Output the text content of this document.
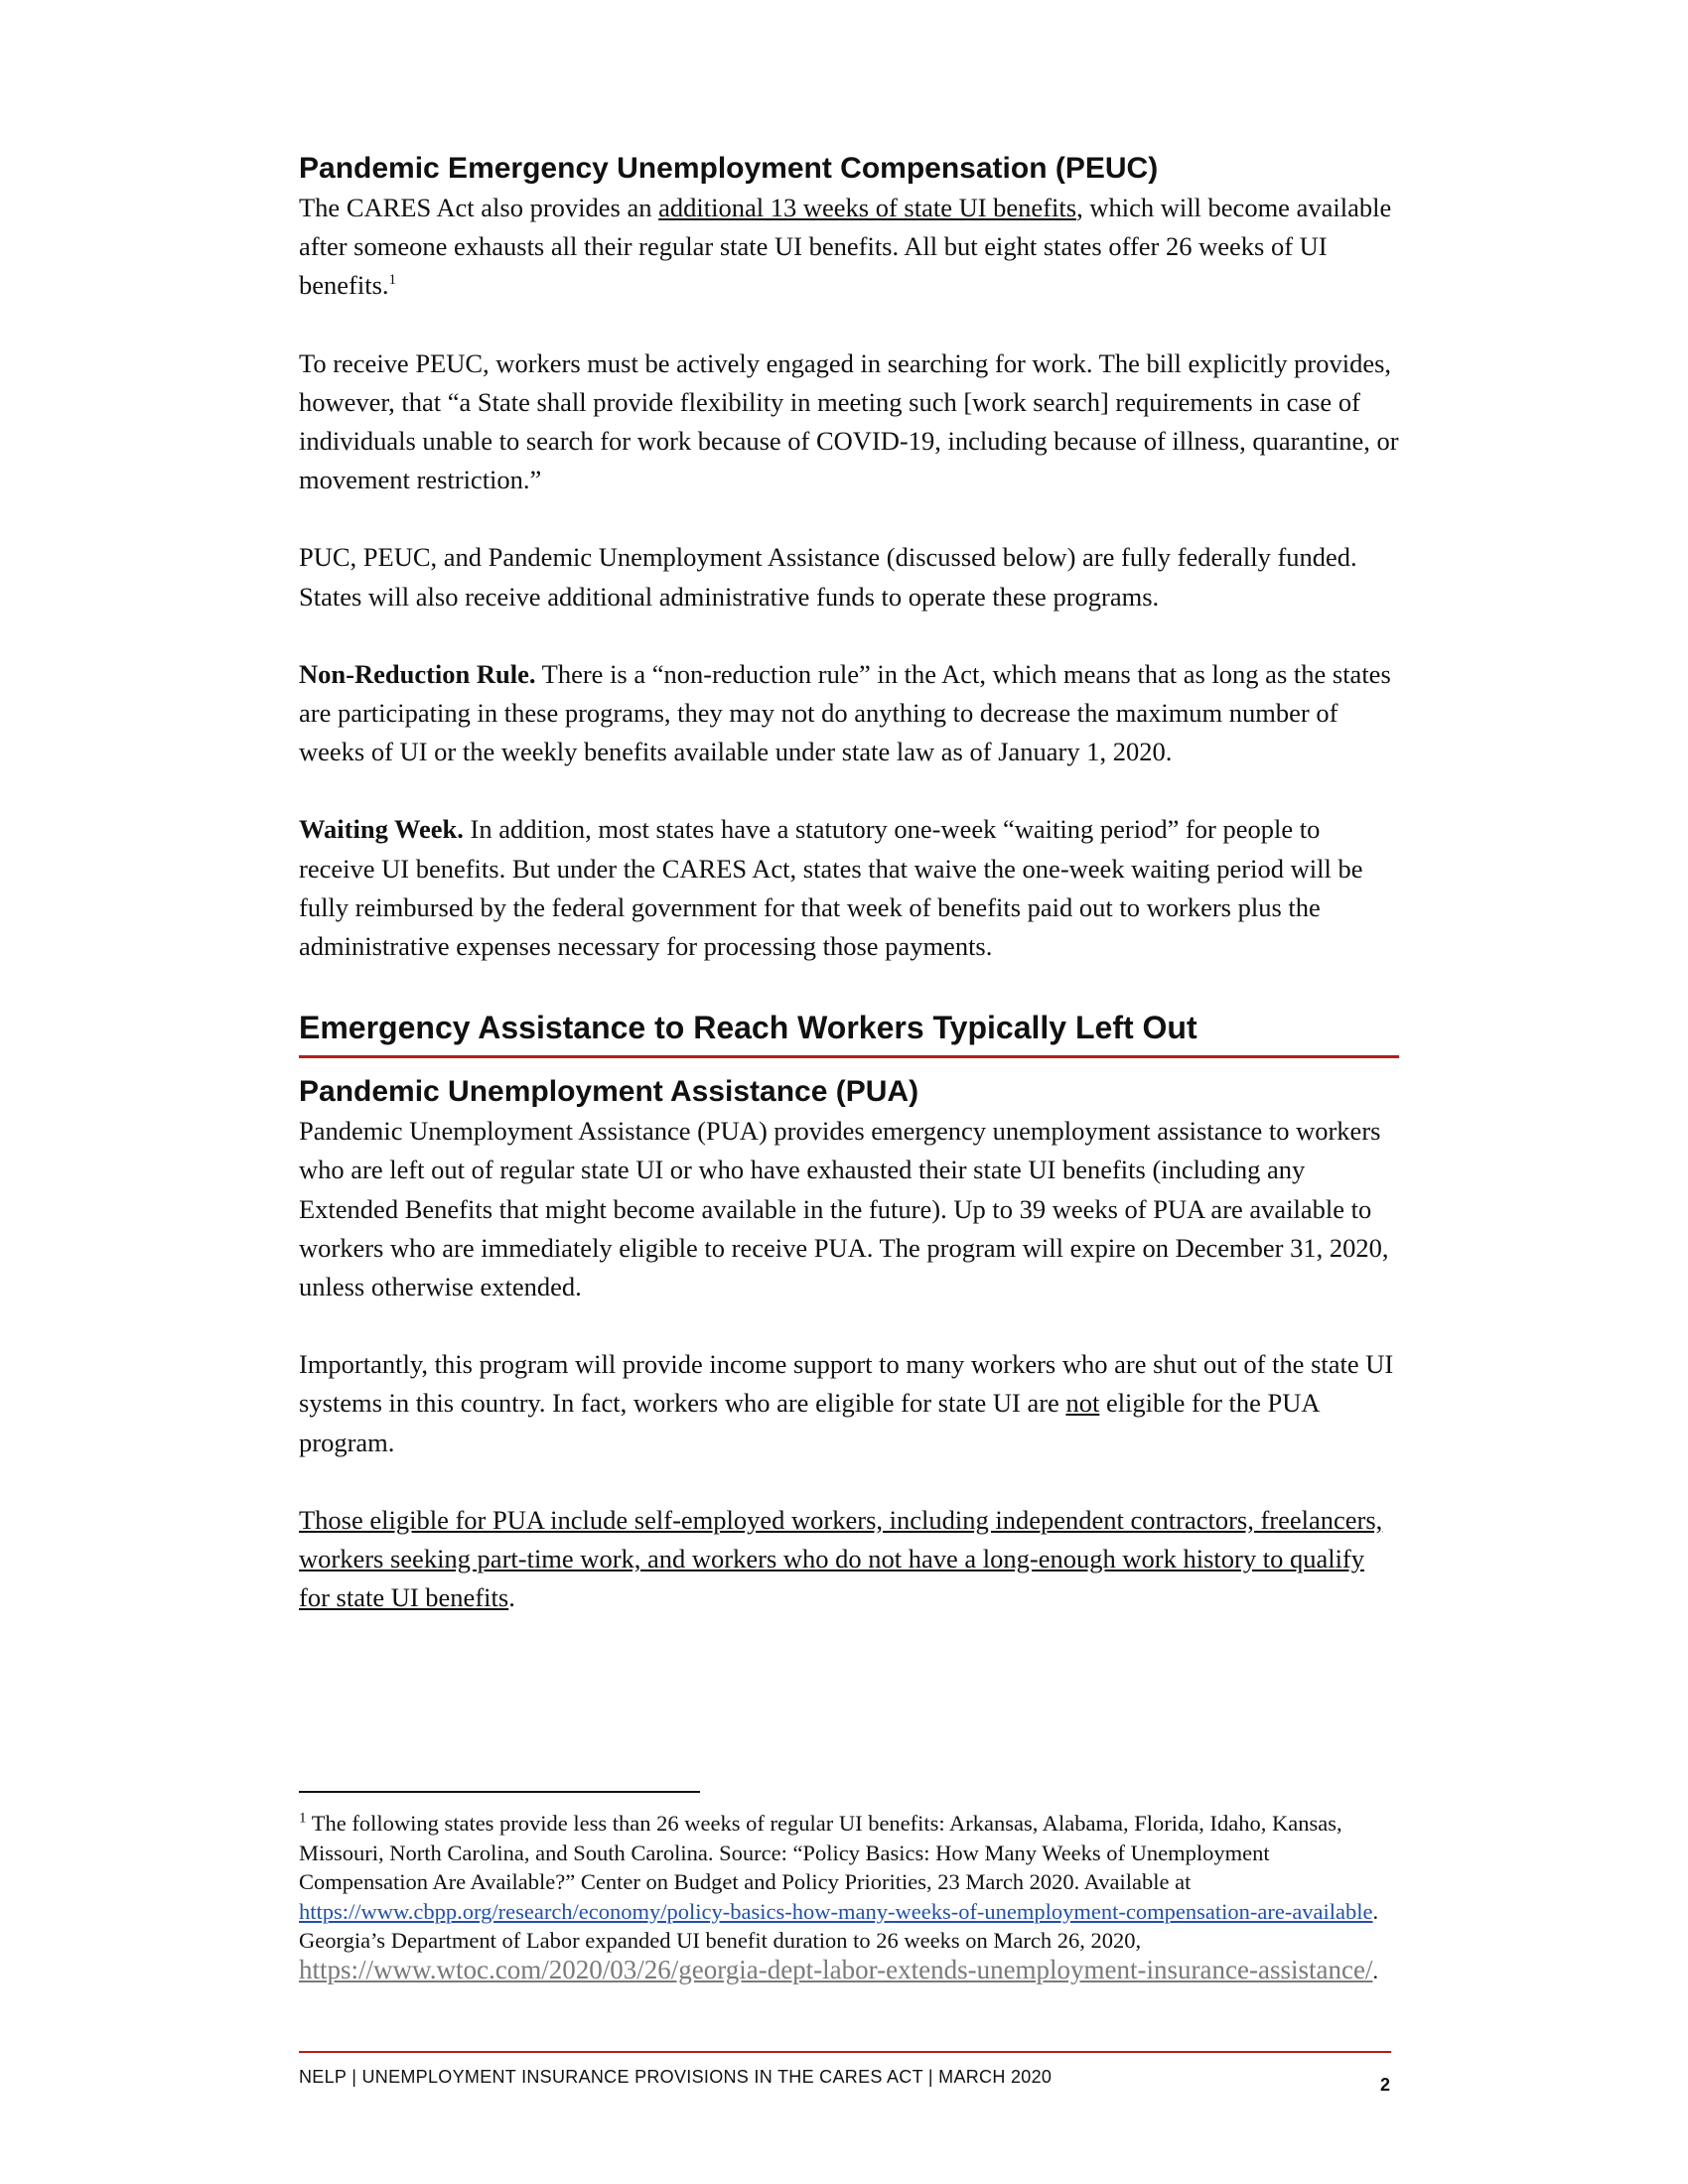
Pandemic Emergency Unemployment Compensation (PEUC)

The CARES Act also provides an additional 13 weeks of state UI benefits, which will become available after someone exhausts all their regular state UI benefits. All but eight states offer 26 weeks of UI benefits.$^1$

To receive PEUC, workers must be actively engaged in searching for work. The bill explicitly provides, however, that “a State shall provide flexibility in meeting such [work search] requirements in case of individuals unable to search for work because of COVID-19, including because of illness, quarantine, or movement restriction.”

PUC, PEUC, and Pandemic Unemployment Assistance (discussed below) are fully federally funded. States will also receive additional administrative funds to operate these programs.

Non-Reduction Rule. There is a “non-reduction rule” in the Act, which means that as long as the states are participating in these programs, they may not do anything to decrease the maximum number of weeks of UI or the weekly benefits available under state law as of January 1, 2020.

Waiting Week. In addition, most states have a statutory one-week “waiting period” for people to receive UI benefits. But under the CARES Act, states that waive the one-week waiting period will be fully reimbursed by the federal government for that week of benefits paid out to workers plus the administrative expenses necessary for processing those payments.

Emergency Assistance to Reach Workers Typically Left Out
Pandemic Unemployment Assistance (PUA)

Pandemic Unemployment Assistance (PUA) provides emergency unemployment assistance to workers who are left out of regular state UI or who have exhausted their state UI benefits (including any Extended Benefits that might become available in the future). Up to 39 weeks of PUA are available to workers who are immediately eligible to receive PUA. The program will expire on December 31, 2020, unless otherwise extended.

Importantly, this program will provide income support to many workers who are shut out of the state UI systems in this country. In fact, workers who are eligible for state UI are not eligible for the PUA program.

Those eligible for PUA include self-employed workers, including independent contractors, freelancers, workers seeking part-time work, and workers who do not have a long-enough work history to qualify for state UI benefits.

$^1$ The following states provide less than 26 weeks of regular UI benefits: Arkansas, Alabama, Florida, Idaho, Kansas, Missouri, North Carolina, and South Carolina. Source: “Policy Basics: How Many Weeks of Unemployment Compensation Are Available?” Center on Budget and Policy Priorities, 23 March 2020. Available at https://www.cbpp.org/research/economy/policy-basics-how-many-weeks-of-unemployment-compensation-are-available. Georgia’s Department of Labor expanded UI benefit duration to 26 weeks on March 26, 2020, https://www.wtoc.com/2020/03/26/georgia-dept-labor-extends-unemployment-insurance-assistance/.

NELP | UNEMPLOYMENT INSURANCE PROVISIONS IN THE CARES ACT | MARCH 2020	2
